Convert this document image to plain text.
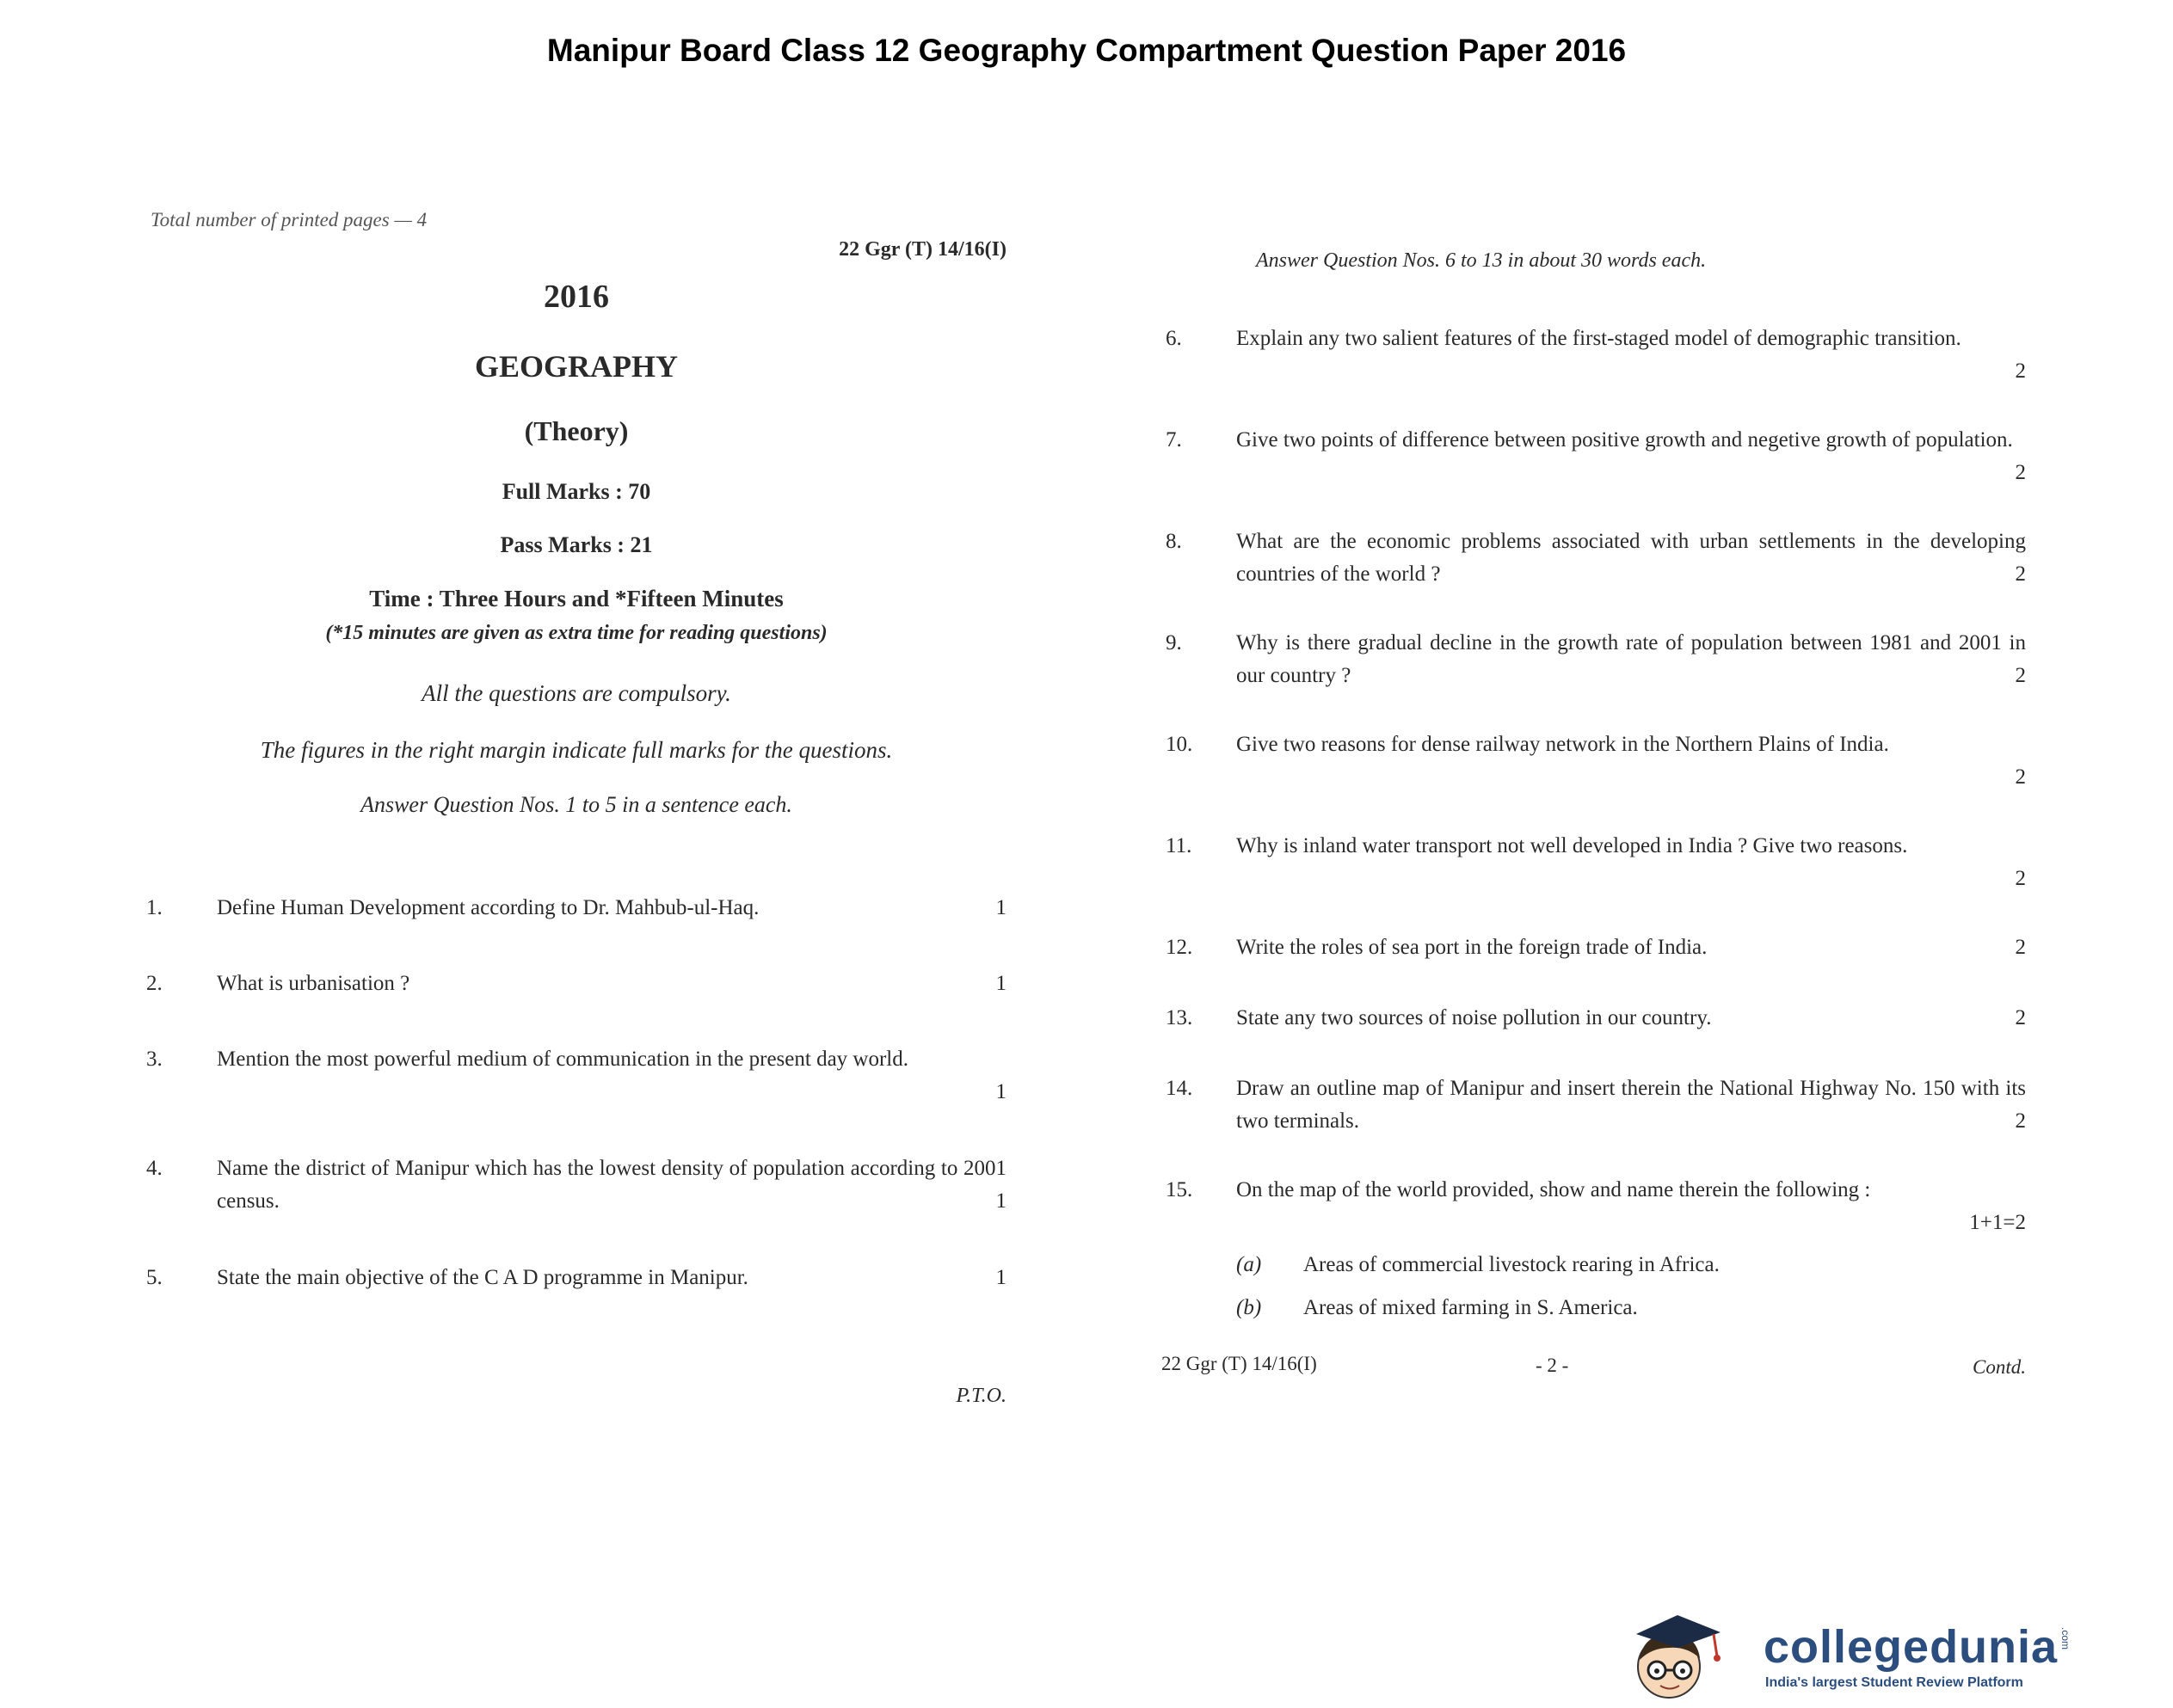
Manipur Board Class 12 Geography Compartment Question Paper 2016
Total number of printed pages — 4
22 Ggr (T) 14/16(I)
2016
GEOGRAPHY
(Theory)
Full Marks : 70
Pass Marks : 21
Time : Three Hours and *Fifteen Minutes
(*15 minutes are given as extra time for reading questions)
All the questions are compulsory.
The figures in the right margin indicate full marks for the questions.
Answer Question Nos. 1 to 5 in a sentence each.
1.	Define Human Development according to Dr. Mahbub-ul-Haq.	1
2.	What is urbanisation ?	1
3.	Mention the most powerful medium of communication in the present day world.
1
4.	Name the district of Manipur which has the lowest density of population according to 2001 census.	1
5.	State the main objective of the C A D programme in Manipur.	1
P.T.O.
Answer Question Nos. 6 to 13 in about 30 words each.
6.	Explain any two salient features of the first-staged model of demographic transition.
2
7.	Give two points of difference between positive growth and negetive growth of population.
2
8.	What are the economic problems associated with urban settlements in the developing countries of the world ?	2
9.	Why is there gradual decline in the growth rate of population between 1981 and 2001 in our country ?	2
10. Give two reasons for dense railway network in the Northern Plains of India.
2
11. Why is inland water transport not well developed in India ? Give two reasons.
2
12. Write the roles of sea port in the foreign trade of India.	2
13. State any two sources of noise pollution in our country.	2
14. Draw an outline map of Manipur and insert therein the National Highway No. 150 with its two terminals.	2
15. On the map of the world provided, show and name therein the following :
1+1=2
(a) Areas of commercial livestock rearing in Africa.
(b) Areas of mixed farming in S. America.
22 Ggr (T) 14/16(I)	- 2 -	Contd.
collegedunia .com
India's largest Student Review Platform
